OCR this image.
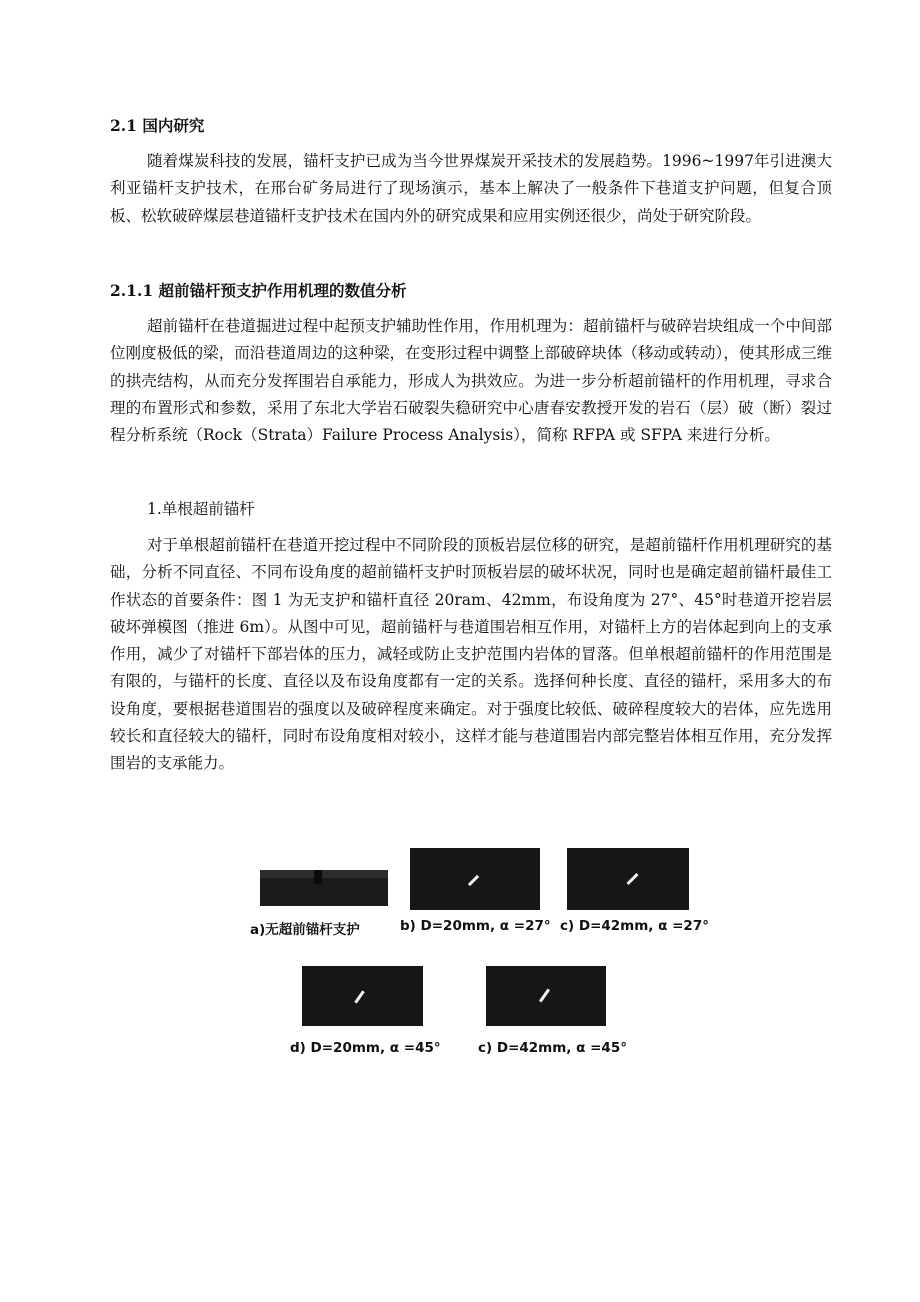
2.1 国内研究

随着煤炭科技的发展，锚杆支护已成为当今世界煤炭开采技术的发展趋势。1996~1997年引进澳大利亚锚杆支护技术，在邢台矿务局进行了现场演示，基本上解决了一般条件下巷道支护问题，但复合顶板、松软破碎煤层巷道锚杆支护技术在国内外的研究成果和应用实例还很少，尚处于研究阶段。

2.1.1 超前锚杆预支护作用机理的数值分析

超前锚杆在巷道掘进过程中起预支护辅助性作用，作用机理为：超前锚杆与破碎岩块组成一个中间部位刚度极低的梁，而沿巷道周边的这种梁，在变形过程中调整上部破碎块体（移动或转动），使其形成三维的拱壳结构，从而充分发挥围岩自承能力，形成人为拱效应。为进一步分析超前锚杆的作用机理，寻求合理的布置形式和参数，采用了东北大学岩石破裂失稳研究中心唐春安教授开发的岩石（层）破（断）裂过程分析系统（Rock（Strata）Failure Process Analysis），简称 RFPA 或 SFPA 来进行分析。

1.单根超前锚杆

对于单根超前锚杆在巷道开挖过程中不同阶段的顶板岩层位移的研究，是超前锚杆作用机理研究的基础，分析不同直径、不同布设角度的超前锚杆支护时顶板岩层的破坏状况，同时也是确定超前锚杆最佳工作状态的首要条件：图 1 为无支护和锚杆直径 20ram、42mm，布设角度为 27°、45°时巷道开挖岩层破坏弹模图（推进 6m）。从图中可见，超前锚杆与巷道围岩相互作用，对锚杆上方的岩体起到向上的支承作用，减少了对锚杆下部岩体的压力，减轻或防止支护范围内岩体的冒落。但单根超前锚杆的作用范围是有限的，与锚杆的长度、直径以及布设角度都有一定的关系。选择何种长度、直径的锚杆，采用多大的布设角度，要根据巷道围岩的强度以及破碎程度来确定。对于强度比较低、破碎程度较大的岩体，应先选用较长和直径较大的锚杆，同时布设角度相对较小，这样才能与巷道围岩内部完整岩体相互作用，充分发挥围岩的支承能力。

a)无超前锚杆支护	b) D=20mm, α =27° c) D=42mm, α =27°
d) D=20mm, α =45°	c) D=42mm, α =45°
